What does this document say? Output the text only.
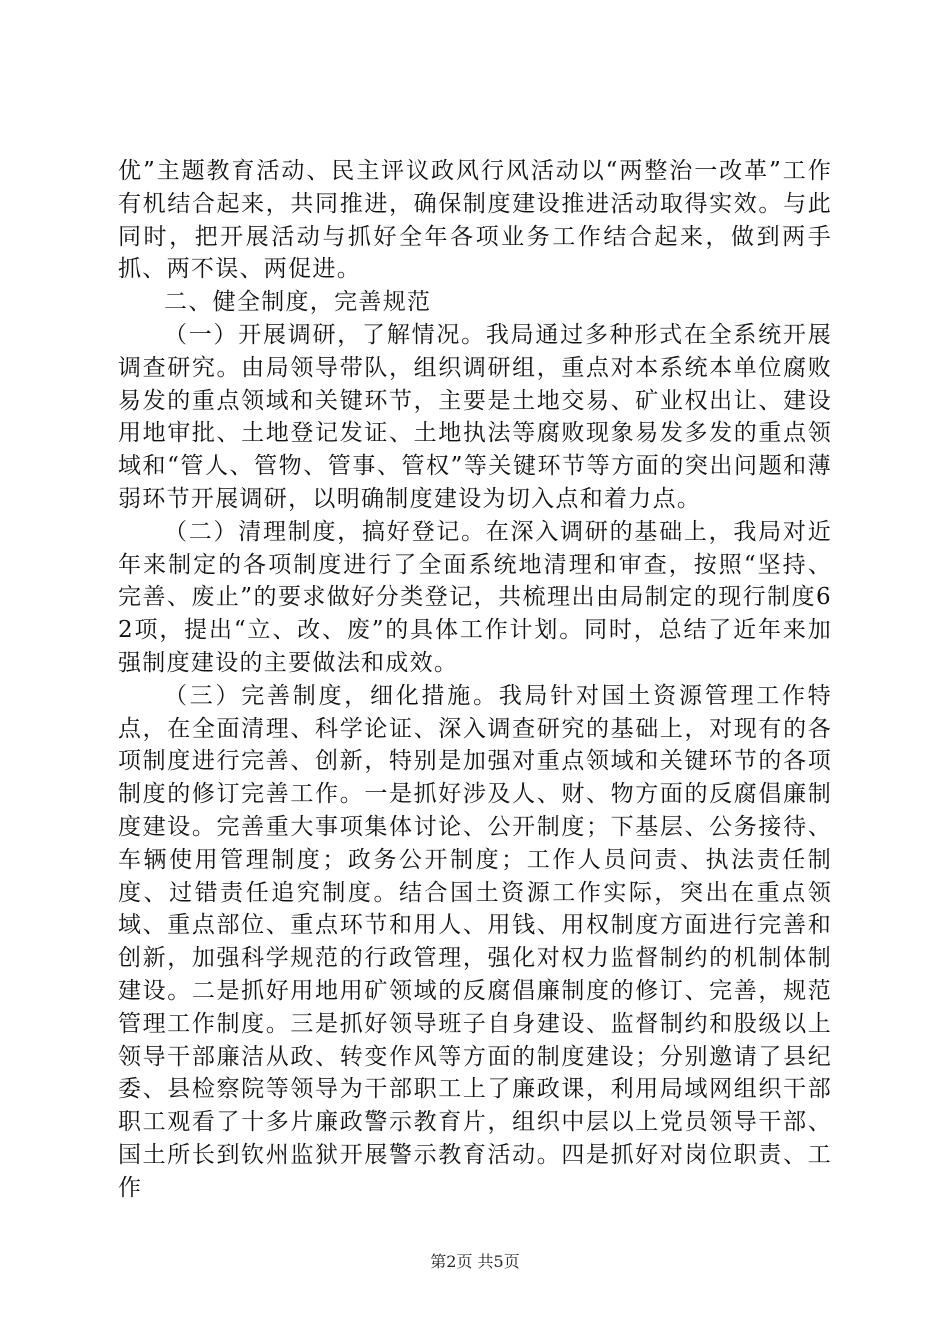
优”主题教育活动、民主评议政风行风活动以“两整治一改革”工作有机结合起来，共同推进，确保制度建设推进活动取得实效。与此同时，把开展活动与抓好全年各项业务工作结合起来，做到两手抓、两不误、两促进。

二、健全制度，完善规范

（一）开展调研，了解情况。我局通过多种形式在全系统开展调查研究。由局领导带队，组织调研组，重点对本系统本单位腐败易发的重点领域和关键环节，主要是土地交易、矿业权出让、建设用地审批、土地登记发证、土地执法等腐败现象易发多发的重点领域和“管人、管物、管事、管权”等关键环节等方面的突出问题和薄弱环节开展调研，以明确制度建设为切入点和着力点。

（二）清理制度，搞好登记。在深入调研的基础上，我局对近年来制定的各项制度进行了全面系统地清理和审查，按照“坚持、完善、废止”的要求做好分类登记，共梳理出由局制定的现行制度62项，提出“立、改、废”的具体工作计划。同时，总结了近年来加强制度建设的主要做法和成效。

（三）完善制度，细化措施。我局针对国土资源管理工作特点，在全面清理、科学论证、深入调查研究的基础上，对现有的各项制度进行完善、创新，特别是加强对重点领域和关键环节的各项制度的修订完善工作。一是抓好涉及人、财、物方面的反腐倡廉制度建设。完善重大事项集体讨论、公开制度；下基层、公务接待、车辆使用管理制度；政务公开制度；工作人员问责、执法责任制度、过错责任追究制度。结合国土资源工作实际，突出在重点领域、重点部位、重点环节和用人、用钱、用权制度方面进行完善和创新，加强科学规范的行政管理，强化对权力监督制约的机制体制建设。二是抓好用地用矿领域的反腐倡廉制度的修订、完善，规范管理工作制度。三是抓好领导班子自身建设、监督制约和股级以上领导干部廉洁从政、转变作风等方面的制度建设；分别邀请了县纪委、县检察院等领导为干部职工上了廉政课，利用局域网组织干部职工观看了十多片廉政警示教育片，组织中层以上党员领导干部、国土所长到钦州监狱开展警示教育活动。四是抓好对岗位职责、工作

第2页 共5页
